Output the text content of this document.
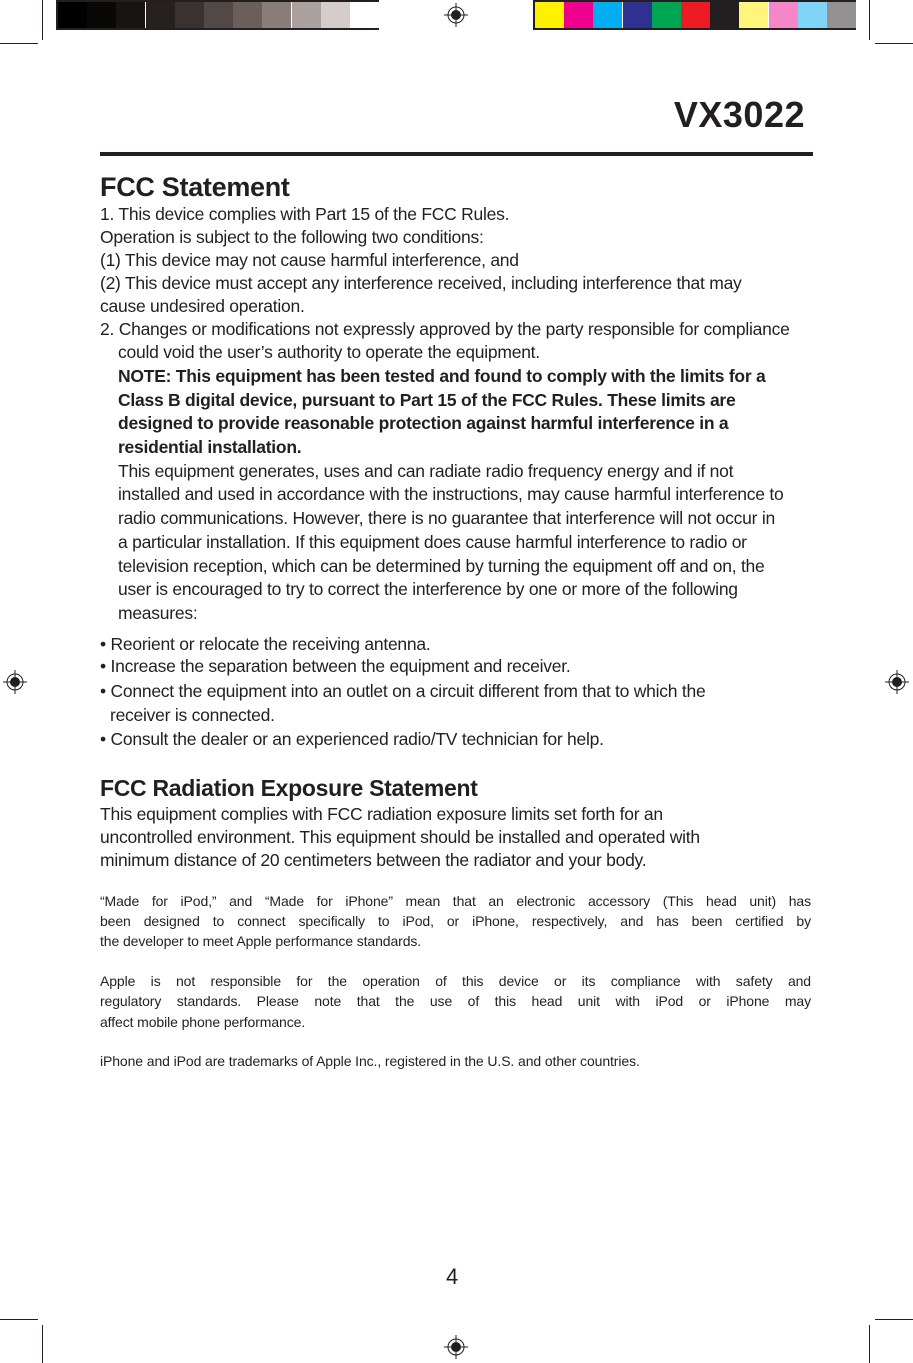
VX3022
FCC Statement
FCC Radiation Exposure Statement
1. This device complies with Part 15 of the FCC Rules.
Operation is subject to the following two conditions:
(1) This device may not cause harmful interference, and
(2) This device must accept any interference received, including interference that may
cause undesired operation.
2. Changes or modifications not expressly approved by the party responsible for compliance
could void the user’s authority to operate the equipment.
NOTE: This equipment has been tested and found to comply with the limits for a
Class B digital device, pursuant to Part 15 of the FCC Rules. These limits are
designed to provide reasonable protection against harmful interference in a
residential installation.
This equipment generates, uses and can radiate radio frequency energy and if not
installed and used in accordance with the instructions, may cause harmful interference to
radio communications. However, there is no guarantee that interference will not occur in
a particular installation. If this equipment does cause harmful interference to radio or
television reception, which can be determined by turning the equipment off and on, the
user is encouraged to try to correct the interference by one or more of the following
measures:
• Reorient or relocate the receiving antenna.
• Increase the separation between the equipment and receiver.
• Connect the equipment into an outlet on a circuit different from that to which the
receiver is connected.
• Consult the dealer or an experienced radio/TV technician for help.
This equipment complies with FCC radiation exposure limits set forth for an
uncontrolled environment. This equipment should be installed and operated with
minimum distance of 20 centimeters between the radiator and your body.
“Made for iPod,” and “Made for iPhone” mean that an electronic accessory (This head unit) has
been designed to connect specifically to iPod, or iPhone, respectively, and has been certified by
the developer to meet Apple performance standards.
Apple is not responsible for the operation of this device or its compliance with safety and
regulatory standards. Please note that the use of this head unit with iPod or iPhone may
affect mobile phone performance.
iPhone and iPod are trademarks of Apple Inc., registered in the U.S. and other countries.
4
